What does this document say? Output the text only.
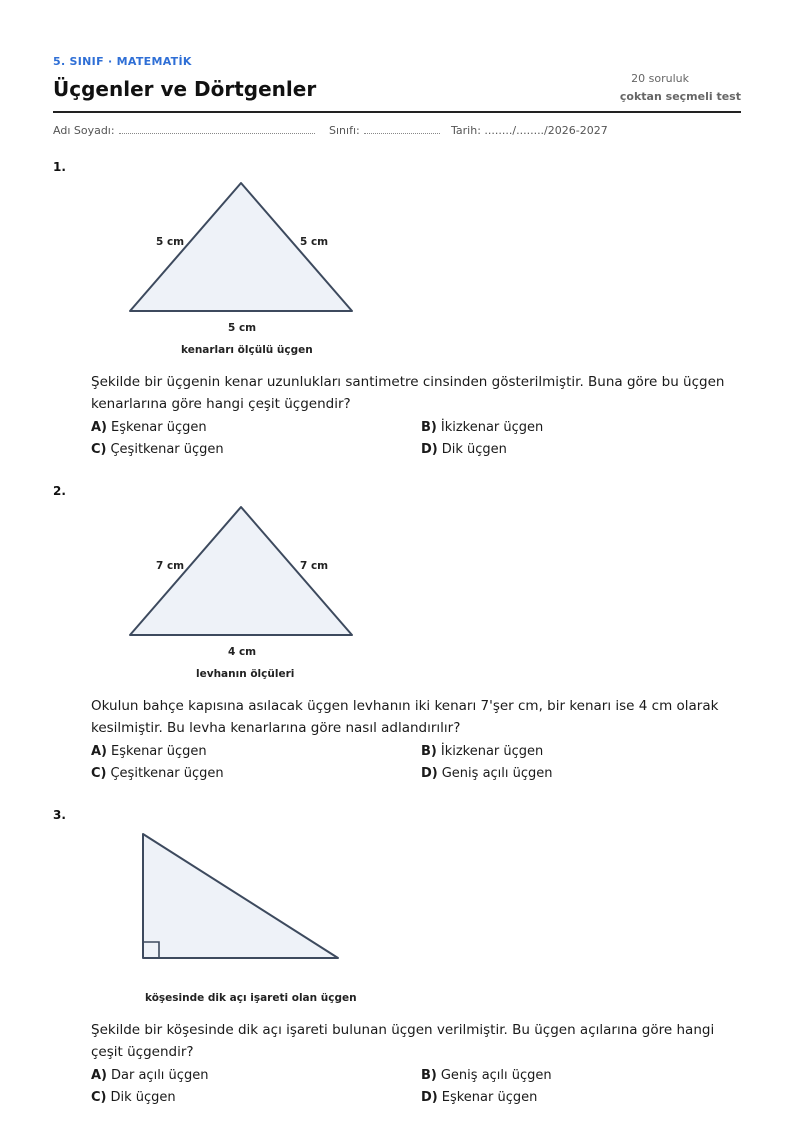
5. SINIF · MATEMATİK
Üçgenler ve Dörtgenler	20 soruluk
çoktan seçmeli test
Adı Soyadı:	Sınıfı:	Tarih: ......../......../2026-2027
1.
5 cm	5 cm
5 cm
kenarları ölçülü üçgen
Şekilde bir üçgenin kenar uzunlukları santimetre cinsinden gösterilmiştir. Buna göre bu üçgen kenarlarına göre hangi çeşit üçgendir?
A) Eşkenar üçgen	B) İkizkenar üçgen
C) Çeşitkenar üçgen	D) Dik üçgen
2.
7 cm	7 cm
4 cm
levhanın ölçüleri
Okulun bahçe kapısına asılacak üçgen levhanın iki kenarı 7'şer cm, bir kenarı ise 4 cm olarak kesilmiştir. Bu levha kenarlarına göre nasıl adlandırılır?
A) Eşkenar üçgen	B) İkizkenar üçgen
C) Çeşitkenar üçgen	D) Geniş açılı üçgen
3.
köşesinde dik açı işareti olan üçgen
Şekilde bir köşesinde dik açı işareti bulunan üçgen verilmiştir. Bu üçgen açılarına göre hangi çeşit üçgendir?
A) Dar açılı üçgen	B) Geniş açılı üçgen
C) Dik üçgen	D) Eşkenar üçgen
